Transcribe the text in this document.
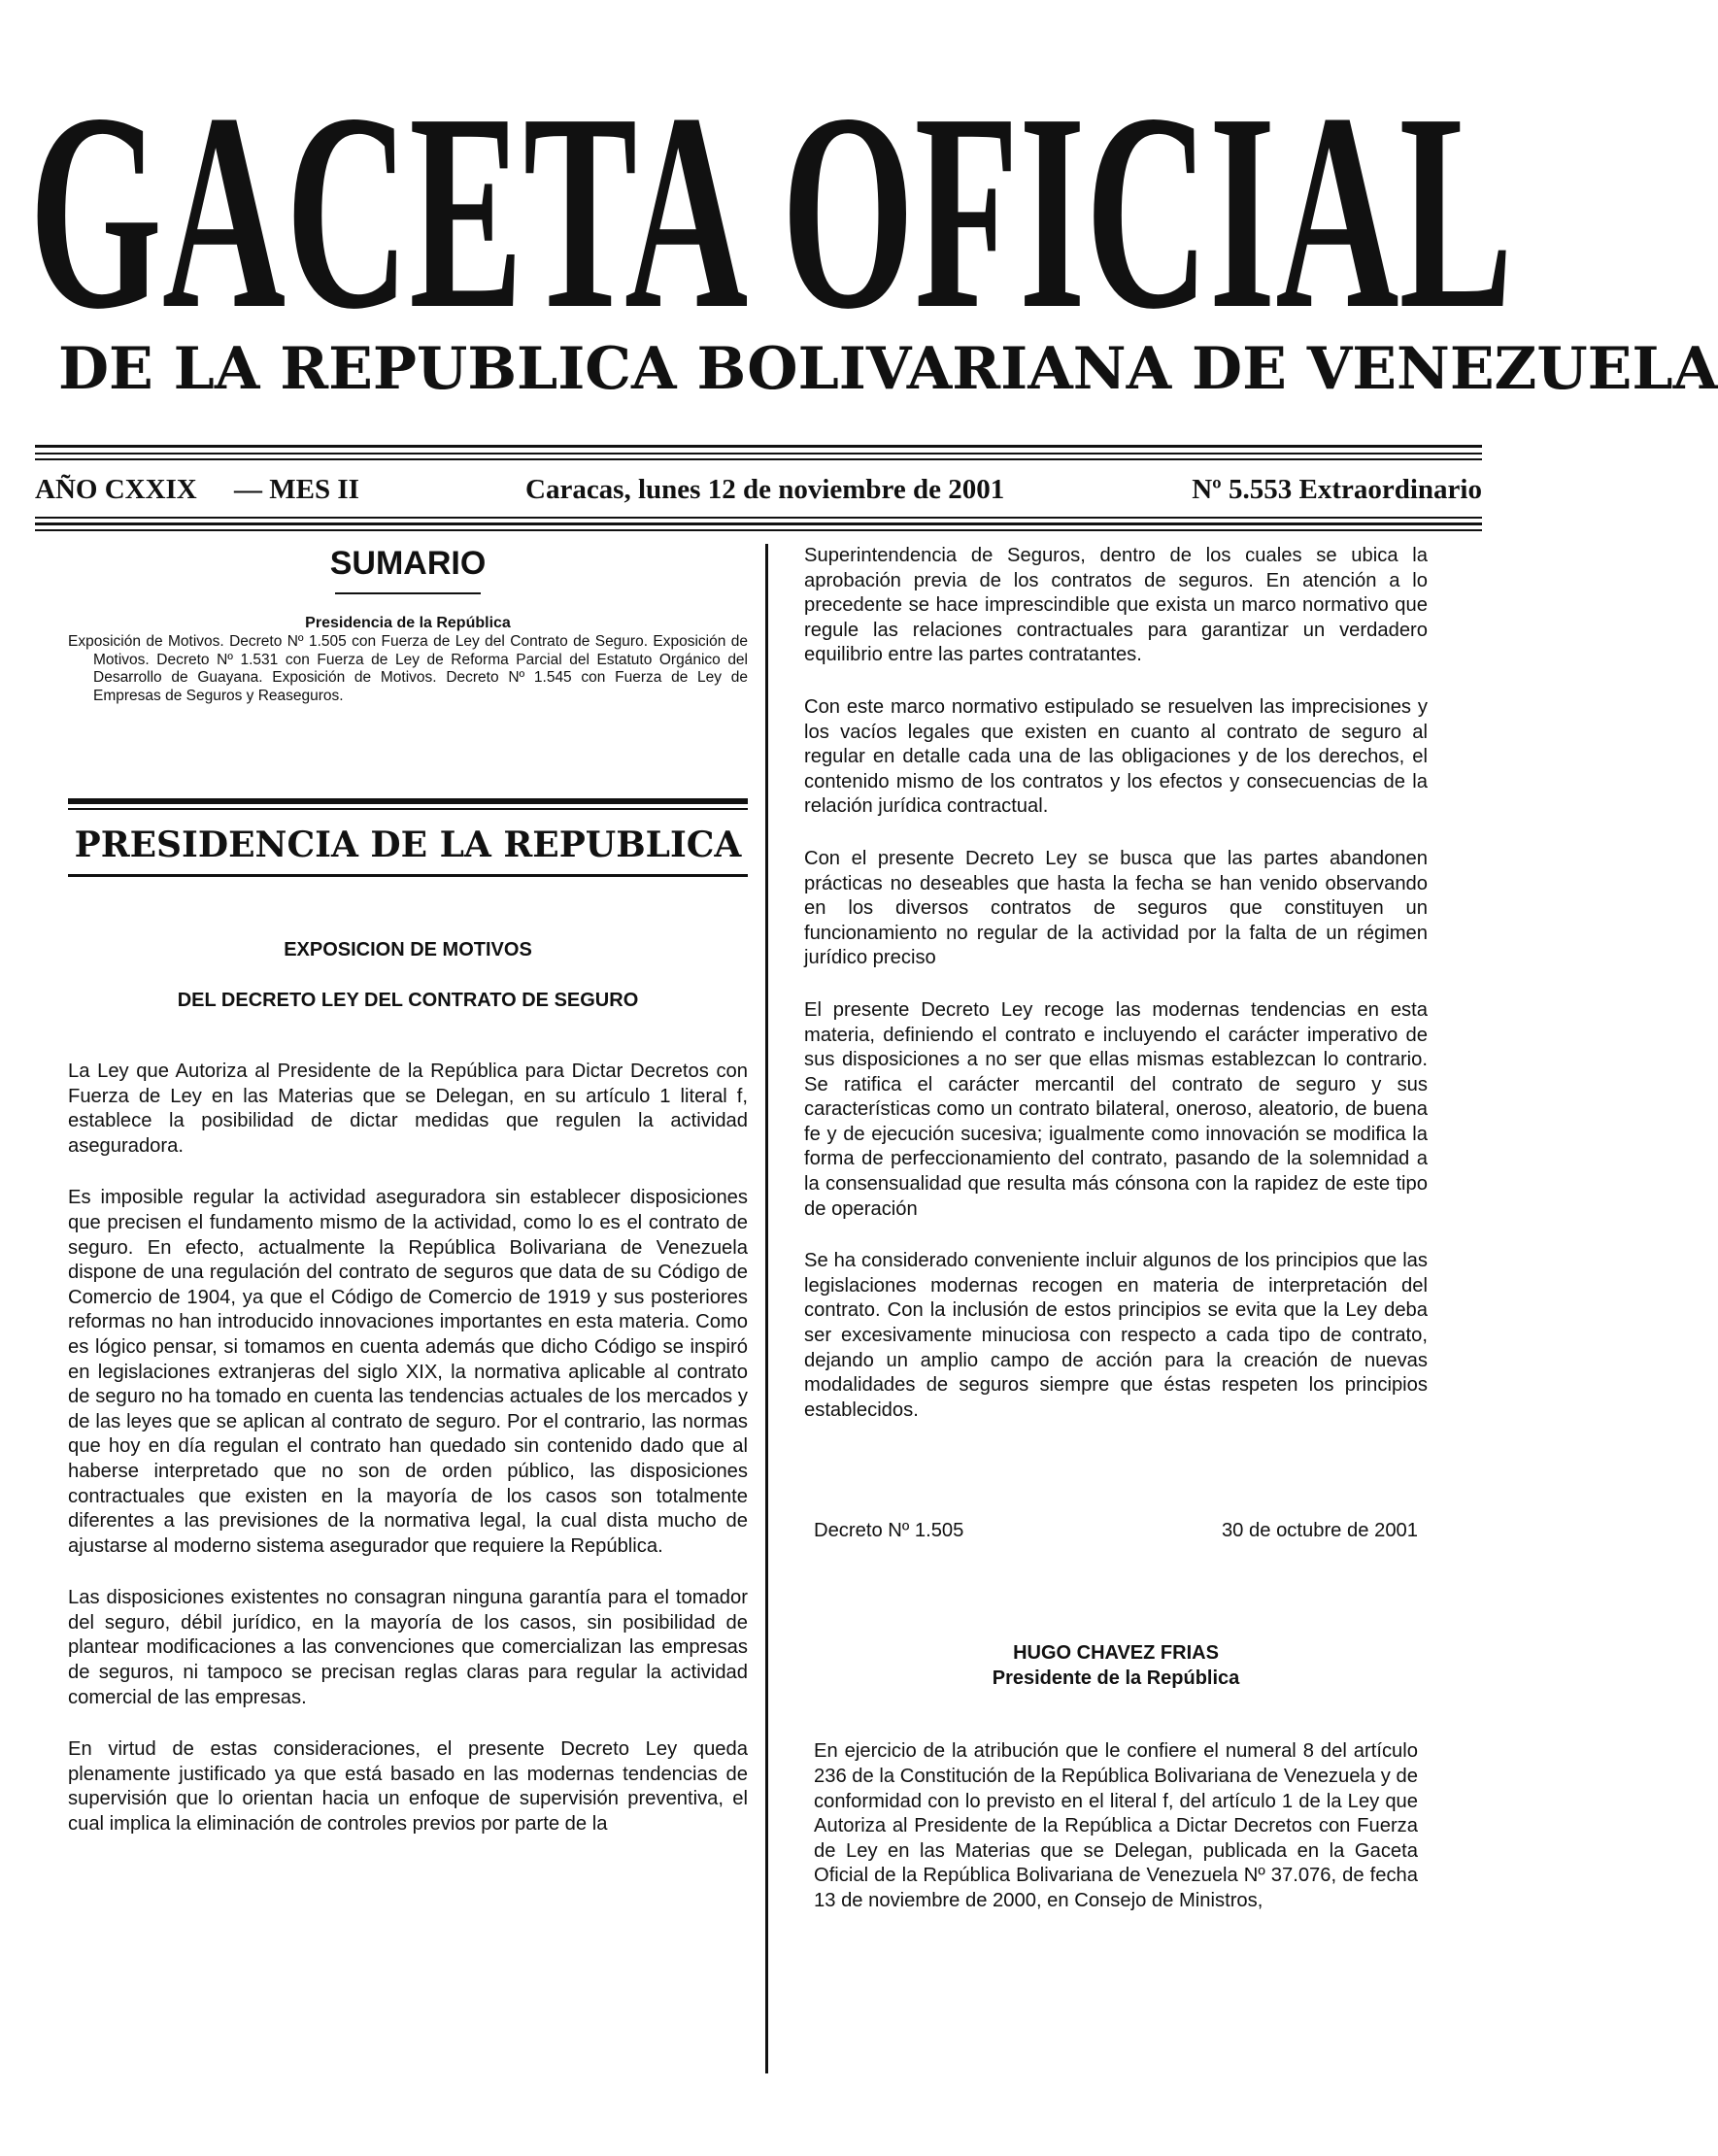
GACETA OFICIAL
DE LA REPUBLICA BOLIVARIANA DE VENEZUELA
AÑO CXXIX — MES II	Caracas, lunes 12 de noviembre de 2001	Nº 5.553 Extraordinario
SUMARIO
Presidencia de la República

Exposición de Motivos. Decreto Nº 1.505 con Fuerza de Ley del Contrato de Seguro. Exposición de Motivos. Decreto Nº 1.531 con Fuerza de Ley de Reforma Parcial del Estatuto Orgánico del Desarrollo de Guayana. Exposición de Motivos. Decreto Nº 1.545 con Fuerza de Ley de Empresas de Seguros y Reaseguros.

PRESIDENCIA DE LA REPUBLICA
EXPOSICION DE MOTIVOS
DEL DECRETO LEY DEL CONTRATO DE SEGURO

La Ley que Autoriza al Presidente de la República para Dictar Decretos con Fuerza de Ley en las Materias que se Delegan, en su artículo 1 literal f, establece la posibilidad de dictar medidas que regulen la actividad aseguradora.

Es imposible regular la actividad aseguradora sin establecer disposiciones que precisen el fundamento mismo de la actividad, como lo es el contrato de seguro. En efecto, actualmente la República Bolivariana de Venezuela dispone de una regulación del contrato de seguros que data de su Código de Comercio de 1904, ya que el Código de Comercio de 1919 y sus posteriores reformas no han introducido innovaciones importantes en esta materia. Como es lógico pensar, si tomamos en cuenta además que dicho Código se inspiró en legislaciones extranjeras del siglo XIX, la normativa aplicable al contrato de seguro no ha tomado en cuenta las tendencias actuales de los mercados y de las leyes que se aplican al contrato de seguro. Por el contrario, las normas que hoy en día regulan el contrato han quedado sin contenido dado que al haberse interpretado que no son de orden público, las disposiciones contractuales que existen en la mayoría de los casos son totalmente diferentes a las previsiones de la normativa legal, la cual dista mucho de ajustarse al moderno sistema asegurador que requiere la República.

Las disposiciones existentes no consagran ninguna garantía para el tomador del seguro, débil jurídico, en la mayoría de los casos, sin posibilidad de plantear modificaciones a las convenciones que comercializan las empresas de seguros, ni tampoco se precisan reglas claras para regular la actividad comercial de las empresas.

En virtud de estas consideraciones, el presente Decreto Ley queda plenamente justificado ya que está basado en las modernas tendencias de supervisión que lo orientan hacia un enfoque de supervisión preventiva, el cual implica la eliminación de controles previos por parte de la

Superintendencia de Seguros, dentro de los cuales se ubica la aprobación previa de los contratos de seguros. En atención a lo precedente se hace imprescindible que exista un marco normativo que regule las relaciones contractuales para garantizar un verdadero equilibrio entre las partes contratantes.

Con este marco normativo estipulado se resuelven las imprecisiones y los vacíos legales que existen en cuanto al contrato de seguro al regular en detalle cada una de las obligaciones y de los derechos, el contenido mismo de los contratos y los efectos y consecuencias de la relación jurídica contractual.

Con el presente Decreto Ley se busca que las partes abandonen prácticas no deseables que hasta la fecha se han venido observando en los diversos contratos de seguros que constituyen un funcionamiento no regular de la actividad por la falta de un régimen jurídico preciso

El presente Decreto Ley recoge las modernas tendencias en esta materia, definiendo el contrato e incluyendo el carácter imperativo de sus disposiciones a no ser que ellas mismas establezcan lo contrario. Se ratifica el carácter mercantil del contrato de seguro y sus características como un contrato bilateral, oneroso, aleatorio, de buena fe y de ejecución sucesiva; igualmente como innovación se modifica la forma de perfeccionamiento del contrato, pasando de la solemnidad a la consensualidad que resulta más cónsona con la rapidez de este tipo de operación

Se ha considerado conveniente incluir algunos de los principios que las legislaciones modernas recogen en materia de interpretación del contrato. Con la inclusión de estos principios se evita que la Ley deba ser excesivamente minuciosa con respecto a cada tipo de contrato, dejando un amplio campo de acción para la creación de nuevas modalidades de seguros siempre que éstas respeten los principios establecidos.

Decreto Nº 1.505	30 de octubre de 2001
HUGO CHAVEZ FRIAS
Presidente de la República

En ejercicio de la atribución que le confiere el numeral 8 del artículo 236 de la Constitución de la República Bolivariana de Venezuela y de conformidad con lo previsto en el literal f, del artículo 1 de la Ley que Autoriza al Presidente de la República a Dictar Decretos con Fuerza de Ley en las Materias que se Delegan, publicada en la Gaceta Oficial de la República Bolivariana de Venezuela Nº 37.076, de fecha 13 de noviembre de 2000, en Consejo de Ministros,
